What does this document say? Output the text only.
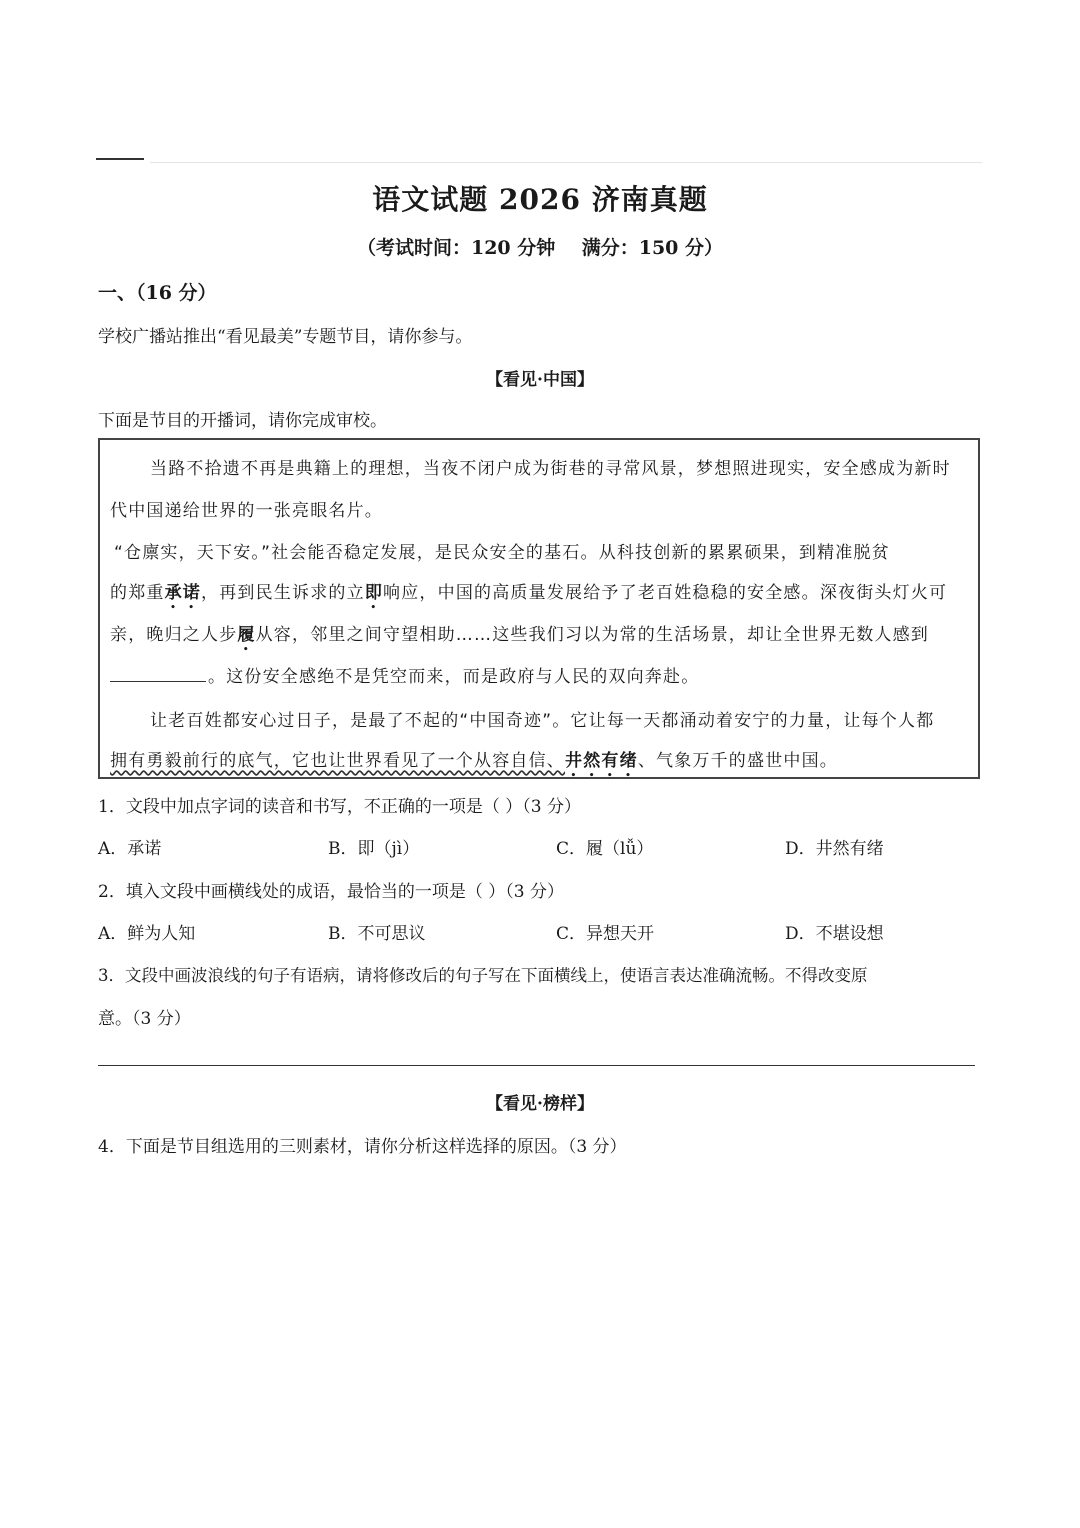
语文试题 2026 济南真题
（考试时间：120 分钟    满分：150 分）
一、（16 分）
学校广播站推出“看见最美”专题节目，请你参与。
【看见·中国】
下面是节目的开播词，请你完成审校。
当路不拾遗不再是典籍上的理想，当夜不闭户成为街巷的寻常风景，梦想照进现实，安全感成为新时
代中国递给世界的一张亮眼名片。
“仓廪实，天下安。”社会能否稳定发展，是民众安全的基石。从科技创新的累累硕果，到精准脱贫
的郑重承诺，再到民生诉求的立即响应，中国的高质量发展给予了老百姓稳稳的安全感。深夜街头灯火可
亲，晚归之人步履从容，邻里之间守望相助……这些我们习以为常的生活场景，却让全世界无数人感到
。这份安全感绝不是凭空而来，而是政府与人民的双向奔赴。
让老百姓都安心过日子，是最了不起的“中国奇迹”。它让每一天都涌动着安宁的力量，让每个人都
拥有勇毅前行的底气，它也让世界看见了一个从容自信、井然有绪、气象万千的盛世中国。
1．文段中加点字词的读音和书写，不正确的一项是（ ）（3 分）
A．承诺	B．即（jì）	C．履（lǚ）	D．井然有绪
2．填入文段中画横线处的成语，最恰当的一项是（ ）（3 分）
A．鲜为人知	B．不可思议	C．异想天开	D．不堪设想
3．文段中画波浪线的句子有语病，请将修改后的句子写在下面横线上，使语言表达准确流畅。不得改变原
意。（3 分）
【看见·榜样】
4．下面是节目组选用的三则素材，请你分析这样选择的原因。（3 分）
